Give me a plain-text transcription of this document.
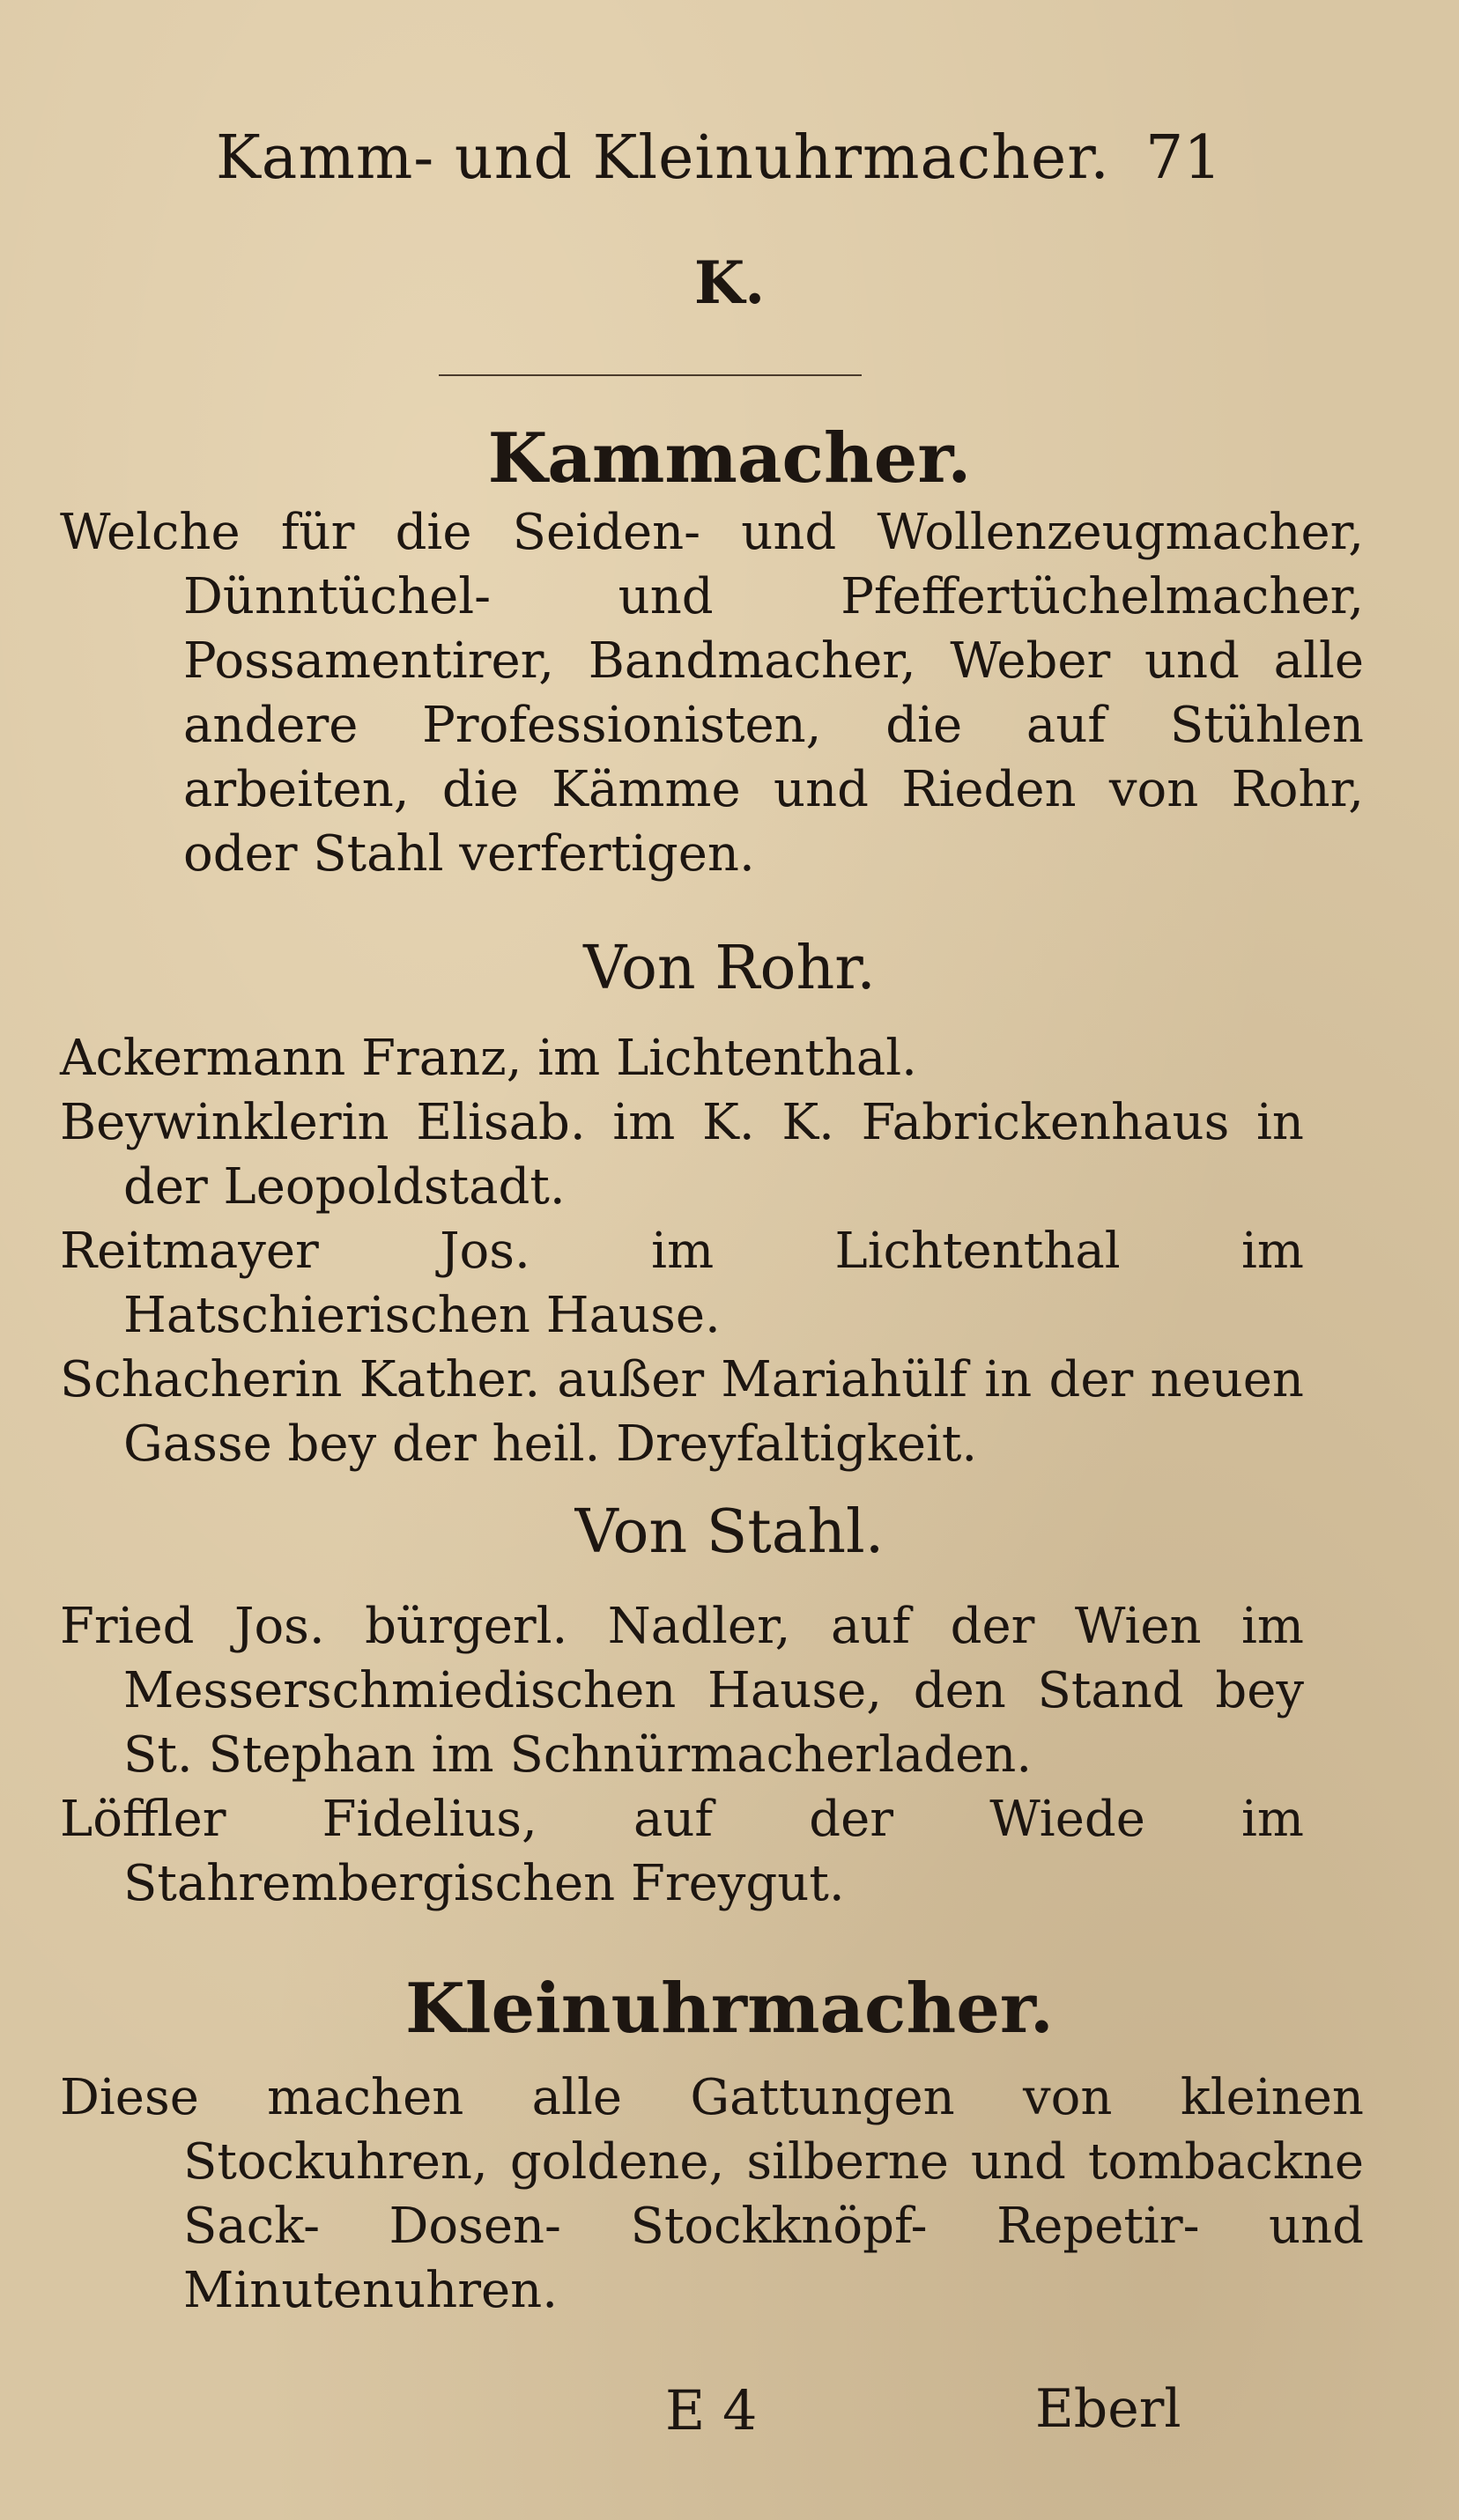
Kamm- und Kleinuhrmacher. 71
K.
Kammacher.

Welche für die Seiden- und Wollenzeugmacher, Dünntüchel- und Pfeffertüchelmacher, Possamentirer, Bandmacher, Weber und alle andere Professionisten, die auf Stühlen arbeiten, die Kämme und Rieden von Rohr, oder Stahl verfertigen.

Von Rohr.

Ackermann Franz, im Lichtenthal.

Beywinklerin Elisab. im K. K. Fabrickenhaus in der Leopoldstadt.

Reitmayer Jos. im Lichtenthal im Hatschierischen Hause.

Schacherin Kather. außer Mariahülf in der neuen Gasse bey der heil. Dreyfaltigkeit.

Von Stahl.

Fried Jos. bürgerl. Nadler, auf der Wien im Messerschmiedischen Hause, den Stand bey St. Stephan im Schnürmacherladen.

Löffler Fidelius, auf der Wiede im Stahrembergischen Freygut.

Kleinuhrmacher.

Diese machen alle Gattungen von kleinen Stockuhren, goldene, silberne und tombackne Sack- Dosen- Stockknöpf- Repetir- und Minutenuhren.

E 4	Eberl
